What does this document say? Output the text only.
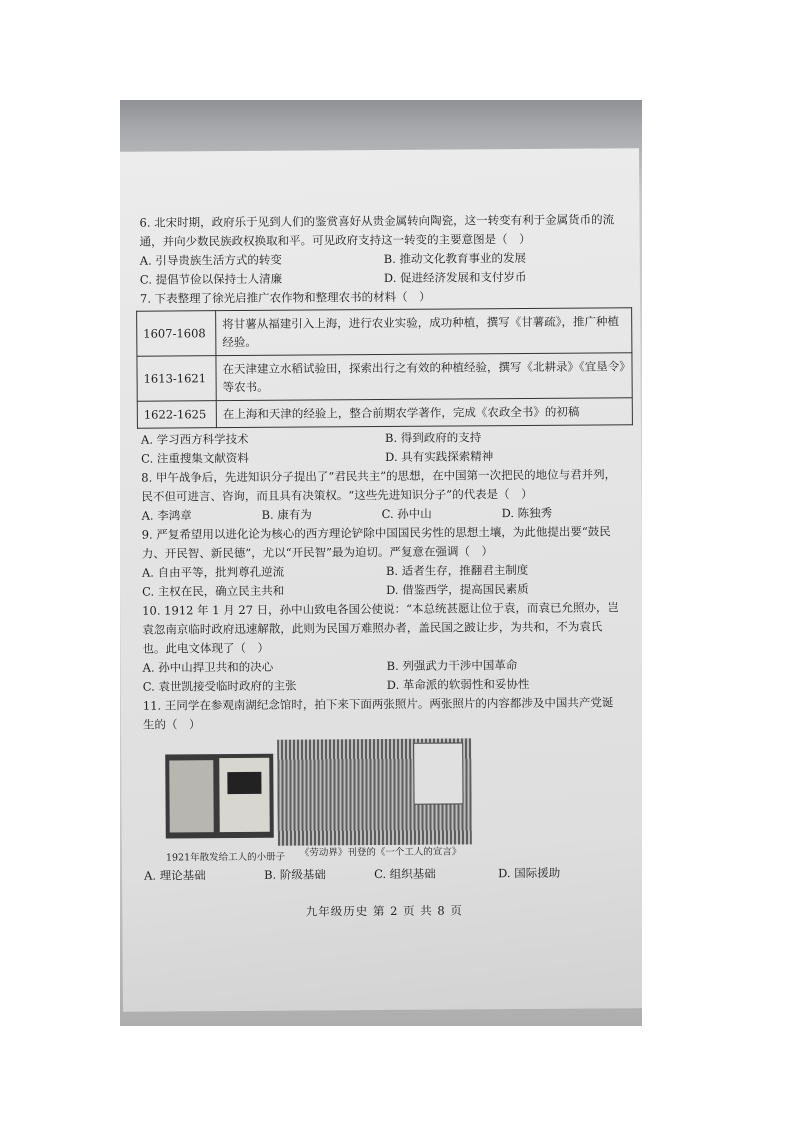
6. 北宋时期，政府乐于见到人们的鉴赏喜好从贵金属转向陶瓷，这一转变有利于金属货币的流通，并向少数民族政权换取和平。可见政府支持这一转变的主要意图是（　）

A. 引导贵族生活方式的转变	B. 推动文化教育事业的发展
C. 提倡节俭以保持士人清廉	D. 促进经济发展和支付岁币

7. 下表整理了徐光启推广农作物和整理农书的材料（　）

1607-1608	将甘薯从福建引入上海，进行农业实验，成功种植，撰写《甘薯疏》，推广种植经验。
1613-1621	在天津建立水稻试验田，探索出行之有效的种植经验，撰写《北耕录》《宜垦令》等农书。
1622-1625	在上海和天津的经验上，整合前期农学著作，完成《农政全书》的初稿
A. 学习西方科学技术	B. 得到政府的支持
C. 注重搜集文献资料	D. 具有实践探索精神

8. 甲午战争后，先进知识分子提出了“君民共主”的思想，在中国第一次把民的地位与君并列，民不但可进言、咨询，而且具有决策权。“这些先进知识分子”的代表是（　）

A. 李鸿章	B. 康有为	C. 孙中山	D. 陈独秀

9. 严复希望用以进化论为核心的西方理论铲除中国国民劣性的思想土壤，为此他提出要“鼓民力、开民智、新民德”，尤以“开民智”最为迫切。严复意在强调（　）

A. 自由平等，批判尊孔逆流	B. 适者生存，推翻君主制度
C. 主权在民，确立民主共和	D. 借鉴西学，提高国民素质

10. 1912 年 1 月 27 日，孙中山致电各国公使说：“本总统甚愿让位于袁，而袁已允照办，岂袁忽南京临时政府迅速解散，此则为民国万难照办者，盖民国之跛让步，为共和，不为袁氏也。此电文体现了（　）

A. 孙中山捍卫共和的决心	B. 列强武力干涉中国革命
C. 袁世凯接受临时政府的主张	D. 革命派的软弱性和妥协性

11. 王同学在参观南湖纪念馆时，拍下来下面两张照片。两张照片的内容都涉及中国共产党诞生的（　）

1921年散发给工人的小册子 《劳动界》刊登的《一个工人的宣言》
A. 理论基础	B. 阶级基础	C. 组织基础	D. 国际援助
九年级历史 第 2 页 共 8 页
